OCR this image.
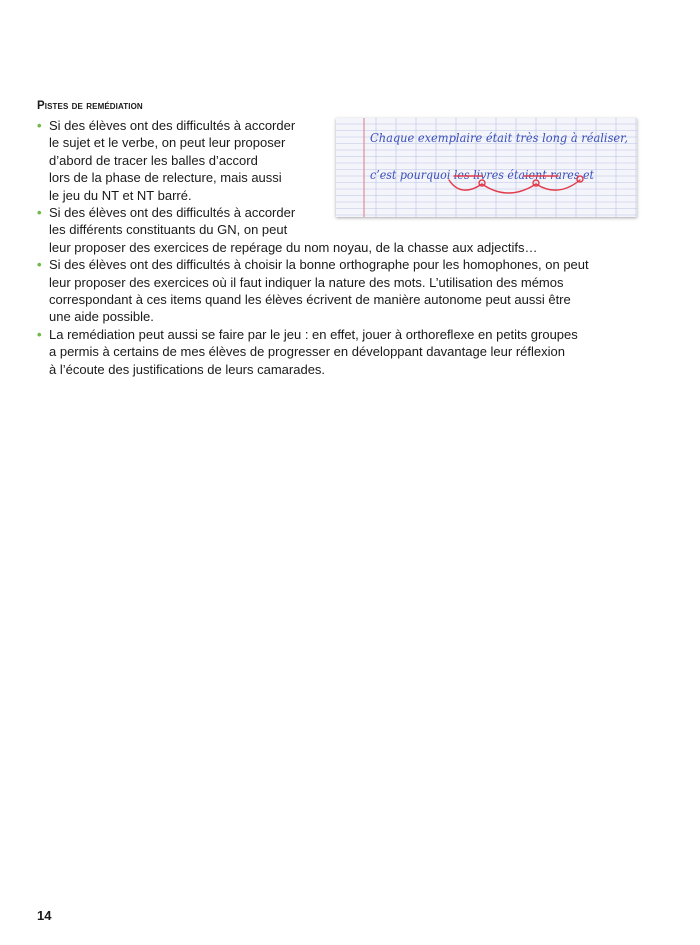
Pistes de remédiation
• Si des élèves ont des difficultés à accorder
le sujet et le verbe, on peut leur proposer
d’abord de tracer les balles d’accord
lors de la phase de relecture, mais aussi
le jeu du NT et NT barré.
• Si des élèves ont des difficultés à accorder
les différents constituants du GN, on peut
leur proposer des exercices de repérage du nom noyau, de la chasse aux adjectifs…
• Si des élèves ont des difficultés à choisir la bonne orthographe pour les homophones, on peut
leur proposer des exercices où il faut indiquer la nature des mots. L’utilisation des mémos
correspondant à ces items quand les élèves écrivent de manière autonome peut aussi être
une aide possible.
• La remédiation peut aussi se faire par le jeu : en effet, jouer à orthoreflexe en petits groupes
a permis à certains de mes élèves de progresser en développant davantage leur réflexion
à l’écoute des justifications de leurs camarades.
Chaque exemplaire était très long à réaliser,
c’est pourquoi les livres étaient rares et
14
